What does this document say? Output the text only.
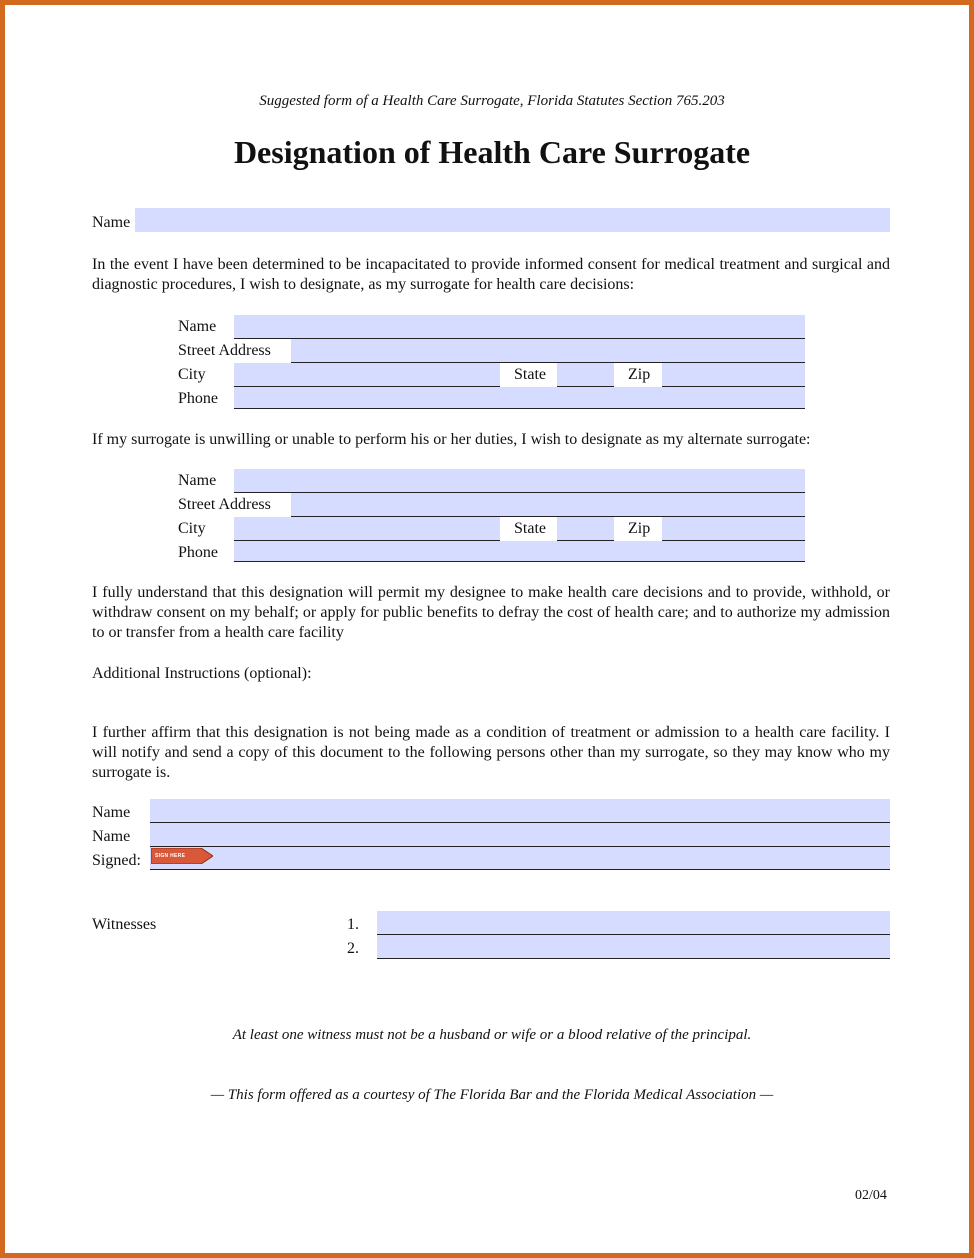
Suggested form of a Health Care Surrogate, Florida Statutes Section 765.203
Designation of Health Care Surrogate
Name
In the event I have been determined to be incapacitated to provide informed consent for medical treatment and surgical and diagnostic procedures, I wish to designate, as my surrogate for health care decisions:
Name
Street Address
City	State	Zip
Phone
If my surrogate is unwilling or unable to perform his or her duties, I wish to designate as my alternate surrogate:
Name
Street Address
City	State	Zip
Phone
I fully understand that this designation will permit my designee to make health care decisions and to provide, withhold, or withdraw consent on my behalf; or apply for public benefits to defray the cost of health care; and to authorize my admission to or transfer from a health care facility
Additional Instructions (optional):
I further affirm that this designation is not being made as a condition of treatment or admission to a health care facility. I will notify and send a copy of this document to the following persons other than my surrogate, so they may know who my surrogate is.
Name
Name
Signed:	SIGN HERE
Witnesses	1.
2.
At least one witness must not be a husband or wife or a blood relative of the principal.
— This form offered as a courtesy of The Florida Bar and the Florida Medical Association —
02/04
